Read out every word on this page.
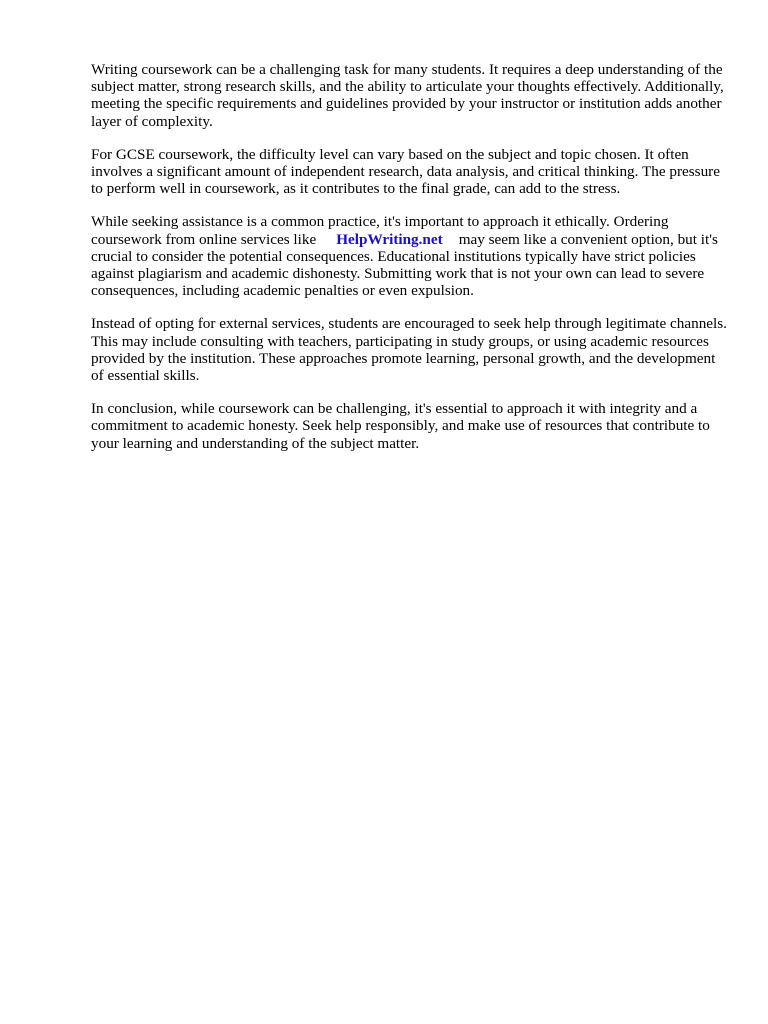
Writing coursework can be a challenging task for many students. It requires a deep understanding of the subject matter, strong research skills, and the ability to articulate your thoughts effectively. Additionally, meeting the specific requirements and guidelines provided by your instructor or institution adds another layer of complexity.

For GCSE coursework, the difficulty level can vary based on the subject and topic chosen. It often involves a significant amount of independent research, data analysis, and critical thinking. The pressure to perform well in coursework, as it contributes to the final grade, can add to the stress.

While seeking assistance is a common practice, it's important to approach it ethically. Ordering coursework from online services like HelpWriting.net may seem like a convenient option, but it's crucial to consider the potential consequences. Educational institutions typically have strict policies against plagiarism and academic dishonesty. Submitting work that is not your own can lead to severe consequences, including academic penalties or even expulsion.

Instead of opting for external services, students are encouraged to seek help through legitimate channels. This may include consulting with teachers, participating in study groups, or using academic resources provided by the institution. These approaches promote learning, personal growth, and the development of essential skills.

In conclusion, while coursework can be challenging, it's essential to approach it with integrity and a commitment to academic honesty. Seek help responsibly, and make use of resources that contribute to your learning and understanding of the subject matter.
